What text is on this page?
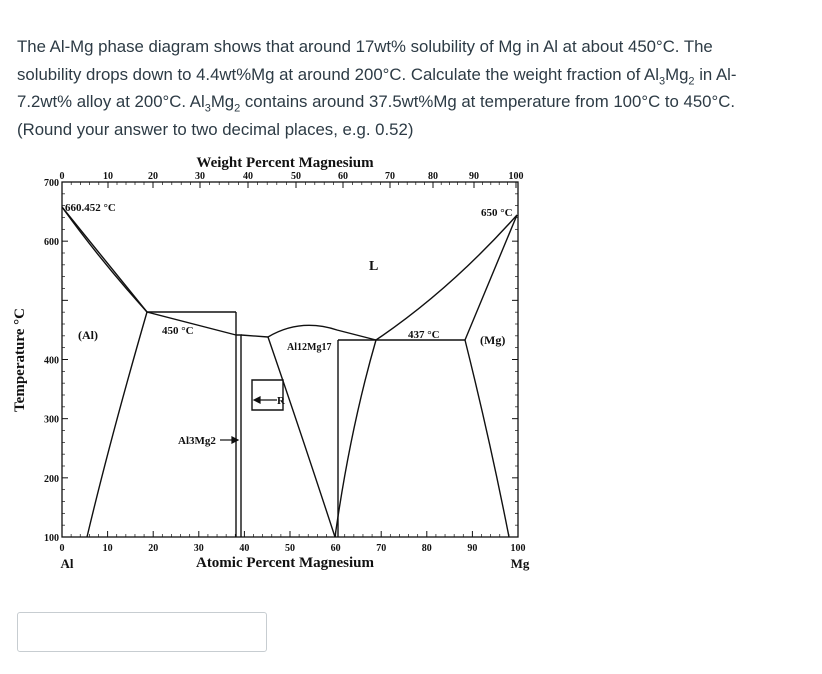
The Al-Mg phase diagram shows that around 17wt% solubility of Mg in Al at about 450°C. The

solubility drops down to 4.4wt%Mg at around 200°C. Calculate the weight fraction of $Al_3Mg_2$ in Al-

7.2wt% alloy at 200°C. $Al_3Mg_2$ contains around 37.5wt%Mg at temperature from 100°C to 450°C.

(Round your answer to two decimal places, e.g. 0.52)

0	10	20	30	40	50	60	70	80	90	100
0	10	20	30	40	50	60	70	80	90	100
700
600
400
300
200
100
Weight Percent Magnesium
Atomic Percent Magnesium
Temperature °C
Al	Mg
660.452 °C	650 °C
L
(Al)	(Mg)
450 °C	437 °C
Al12Mg17
R
Al3Mg2
